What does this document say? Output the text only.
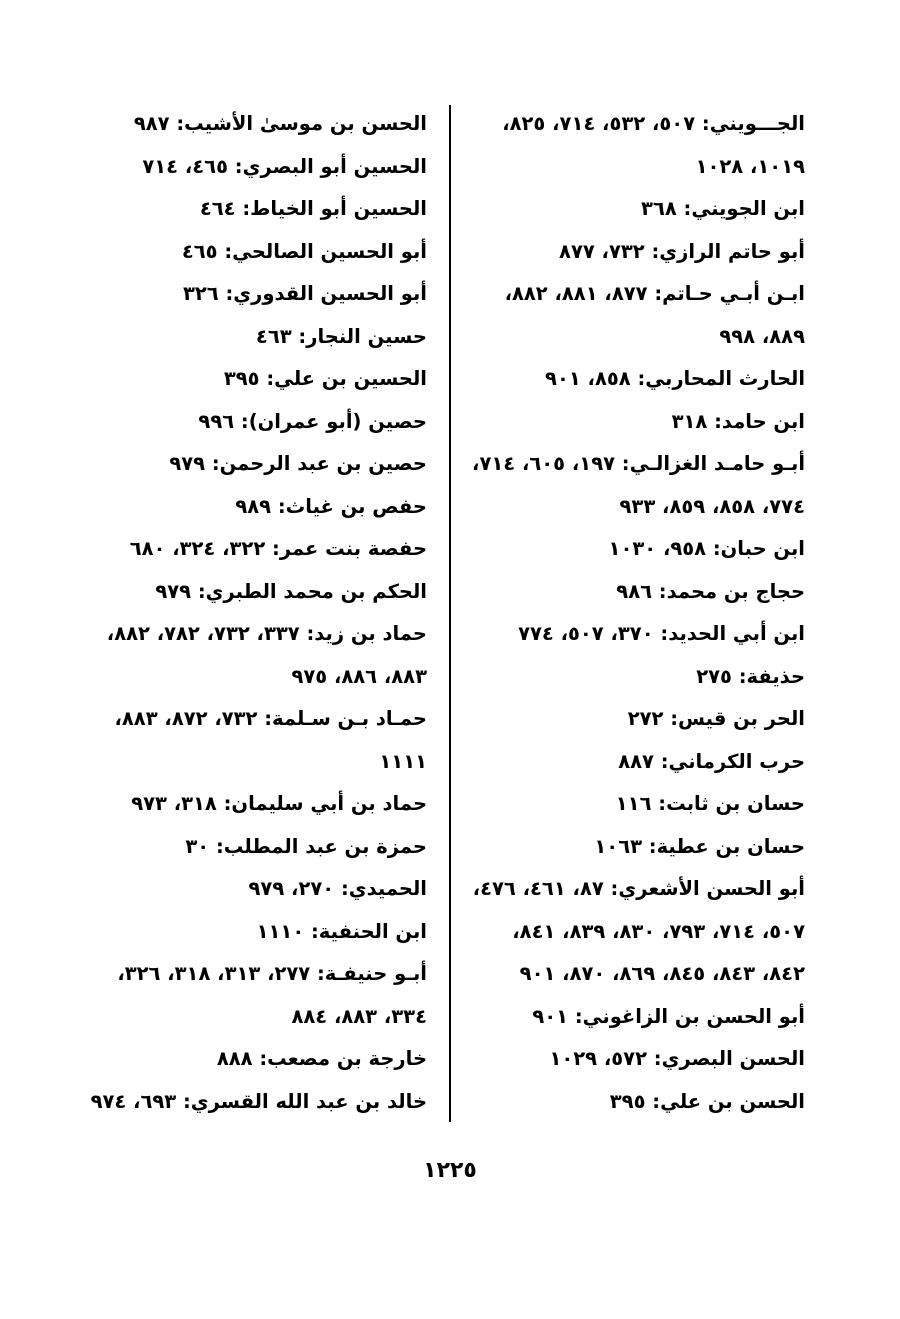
الجـــويني: ٥٠٧، ٥٣٢، ٧١٤، ٨٢٥،
١٠١٩، ١٠٢٨
ابن الجويني: ٣٦٨
أبو حاتم الرازي: ٧٣٢، ٨٧٧
ابـن أبـي حـاتم: ٨٧٧، ٨٨١، ٨٨٢،
٨٨٩، ٩٩٨
الحارث المحاربي: ٨٥٨، ٩٠١
ابن حامد: ٣١٨
أبـو حامـد الغزالـي: ١٩٧، ٦٠٥، ٧١٤،
٧٧٤، ٨٥٨، ٨٥٩، ٩٣٣
ابن حبان: ٩٥٨، ١٠٣٠
حجاج بن محمد: ٩٨٦
ابن أبي الحديد: ٣٧٠، ٥٠٧، ٧٧٤
حذيفة: ٢٧٥
الحر بن قيس: ٢٧٢
حرب الكرماني: ٨٨٧
حسان بن ثابت: ١١٦
حسان بن عطية: ١٠٦٣
أبو الحسن الأشعري: ٨٧، ٤٦١، ٤٧٦،
٥٠٧، ٧١٤، ٧٩٣، ٨٣٠، ٨٣٩، ٨٤١،
٨٤٢، ٨٤٣، ٨٤٥، ٨٦٩، ٨٧٠، ٩٠١
أبو الحسن بن الزاغوني: ٩٠١
الحسن البصري: ٥٧٢، ١٠٢٩
الحسن بن علي: ٣٩٥
الحسن بن موسىٰ الأشيب: ٩٨٧
الحسين أبو البصري: ٤٦٥، ٧١٤
الحسين أبو الخياط: ٤٦٤
أبو الحسين الصالحي: ٤٦٥
أبو الحسين القدوري: ٣٢٦
حسين النجار: ٤٦٣
الحسين بن علي: ٣٩٥
حصين (أبو عمران): ٩٩٦
حصين بن عبد الرحمن: ٩٧٩
حفص بن غياث: ٩٨٩
حفصة بنت عمر: ٣٢٢، ٣٢٤، ٦٨٠
الحكم بن محمد الطبري: ٩٧٩
حماد بن زيد: ٣٣٧، ٧٣٢، ٧٨٢، ٨٨٢،
٨٨٣، ٨٨٦، ٩٧٥
حمـاد بـن سـلمة: ٧٣٢، ٨٧٢، ٨٨٣،
١١١١
حماد بن أبي سليمان: ٣١٨، ٩٧٣
حمزة بن عبد المطلب: ٣٠
الحميدي: ٢٧٠، ٩٧٩
ابن الحنفية: ١١١٠
أبـو حنيفـة: ٢٧٧، ٣١٣، ٣١٨، ٣٢٦،
٣٣٤، ٨٨٣، ٨٨٤
خارجة بن مصعب: ٨٨٨
خالد بن عبد الله القسري: ٦٩٣، ٩٧٤
١٢٢٥
